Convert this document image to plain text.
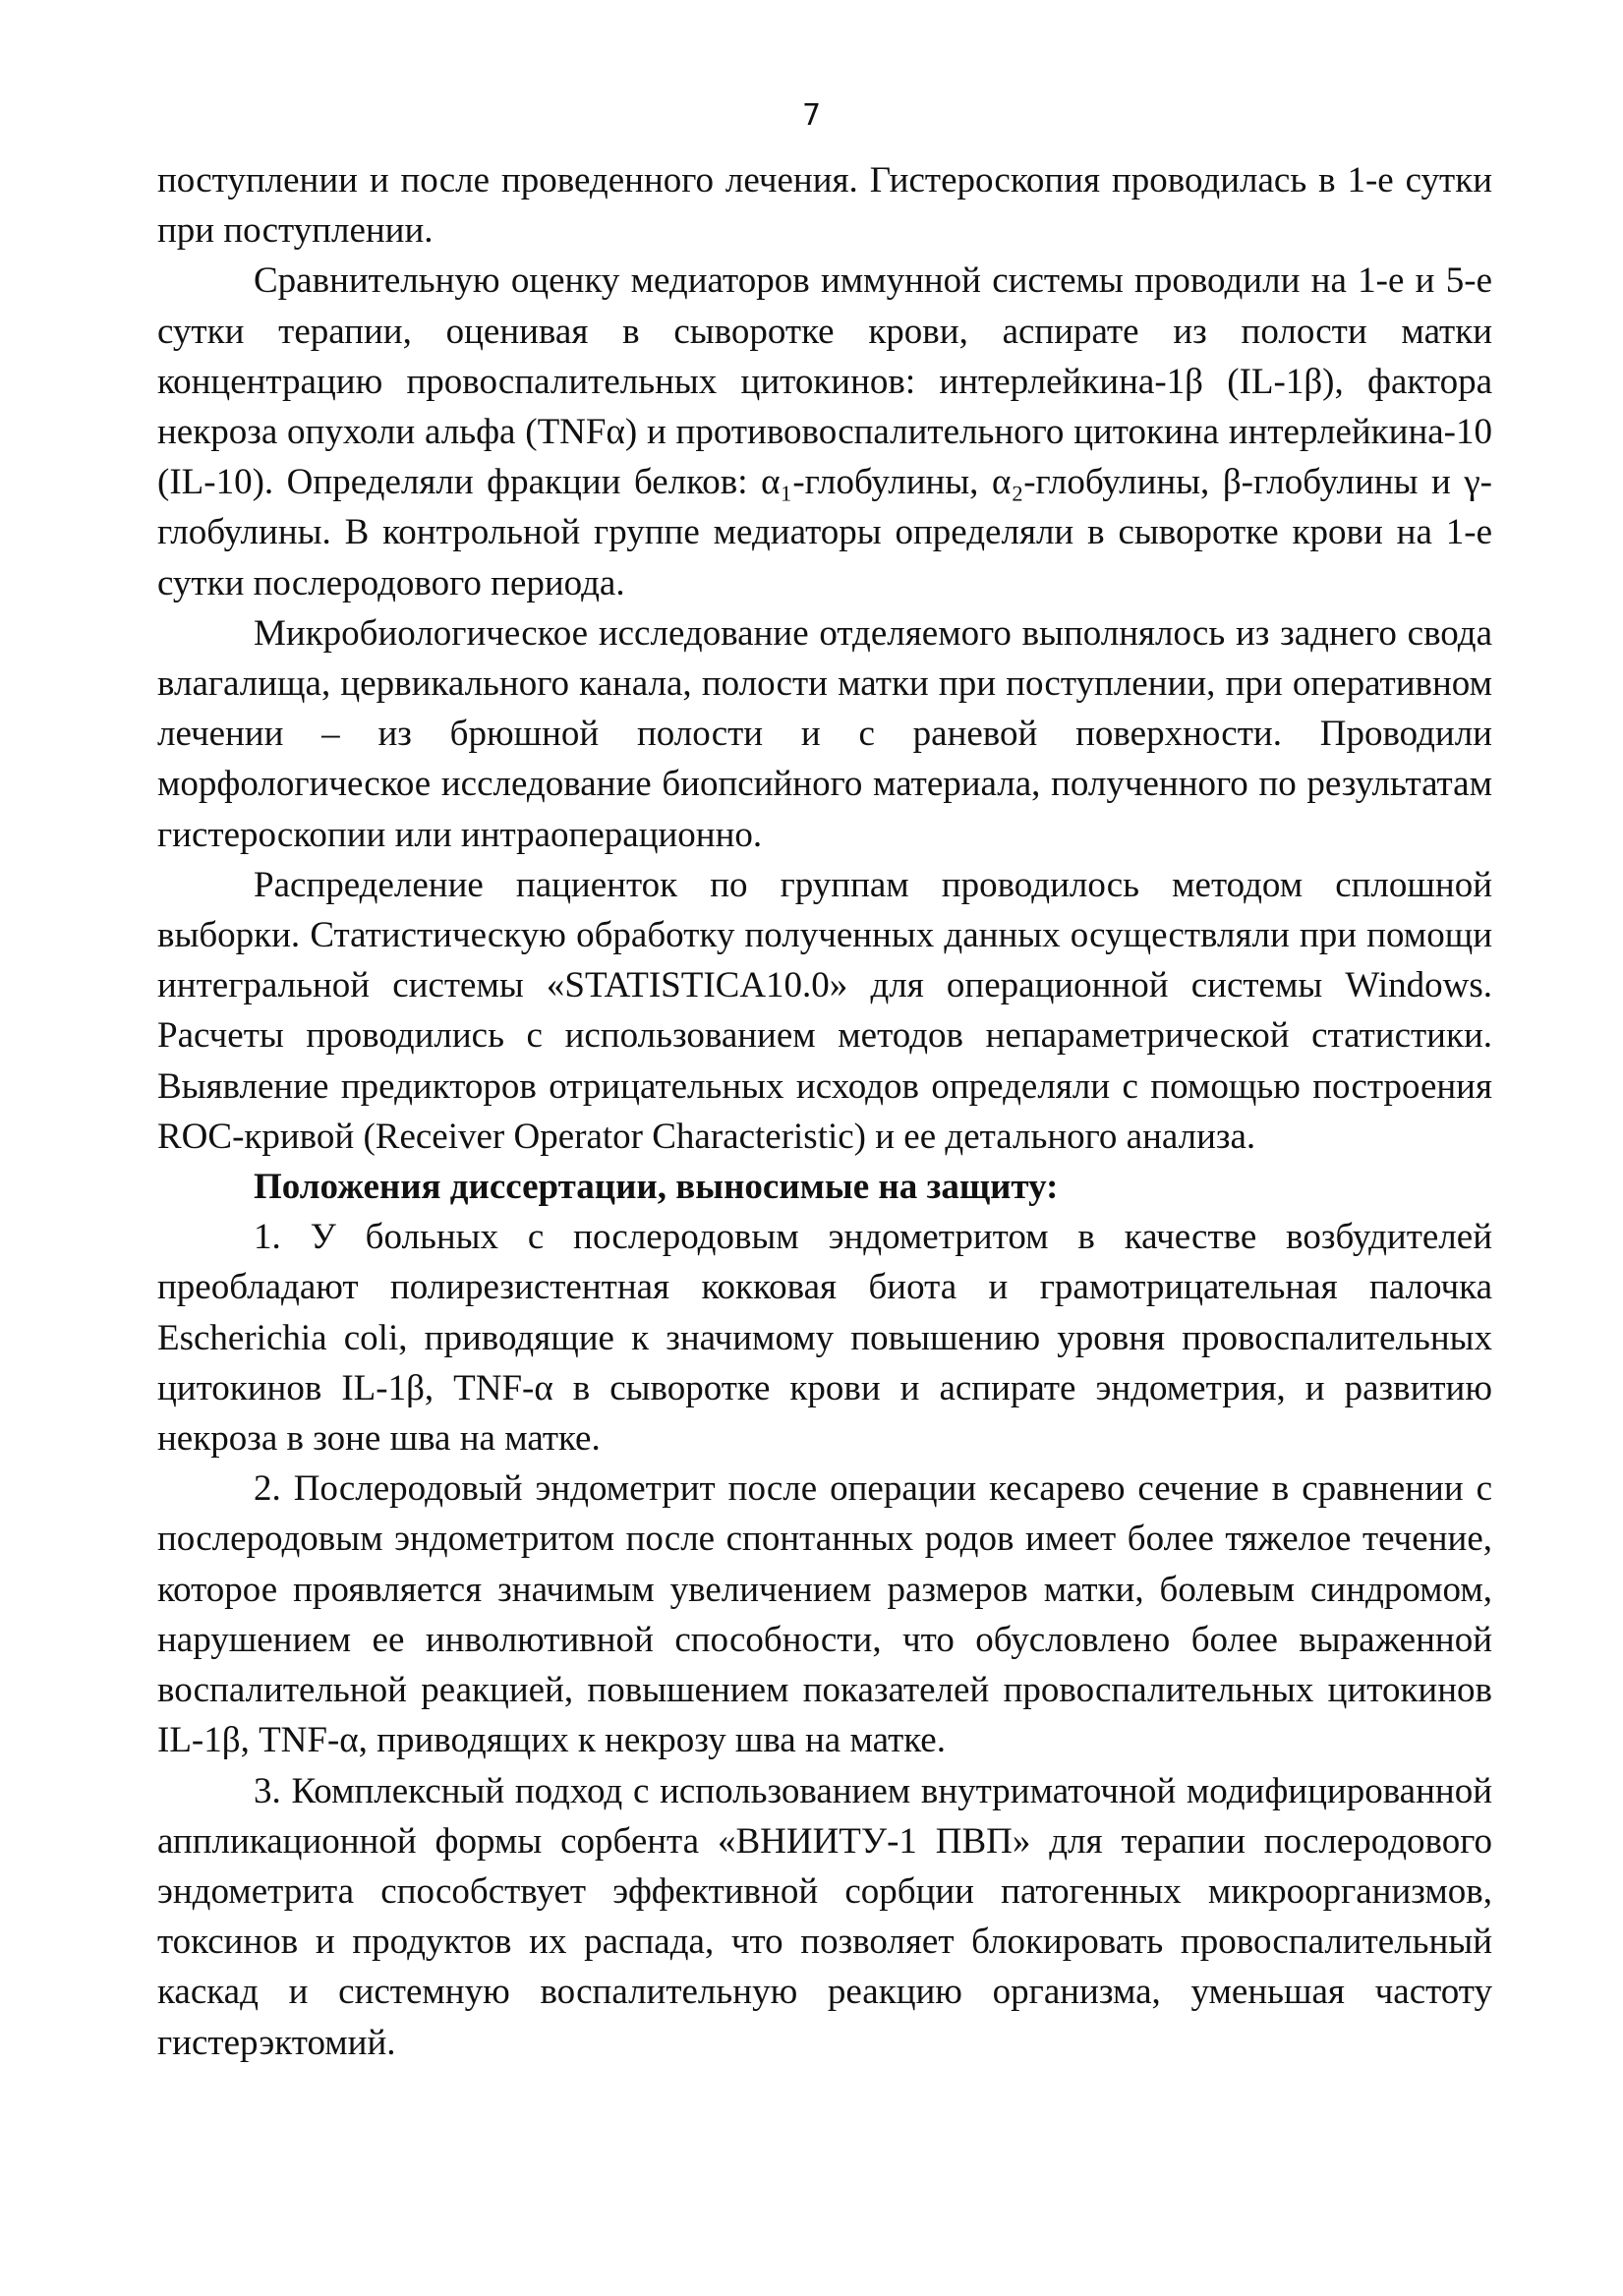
7

поступлении и после проведенного лечения. Гистероскопия проводилась в 1-е сутки при поступлении.

Сравнительную оценку медиаторов иммунной системы проводили на 1-е и 5-е сутки терапии, оценивая в сыворотке крови, аспирате из полости матки концентрацию провоспалительных цитокинов: интерлейкина-1β (IL-1β), фактора некроза опухоли альфа (TNFα) и противовоспалительного цитокина интерлейкина-10 (IL-10). Определяли фракции белков: α₁-глобулины, α₂-глобулины, β-глобулины и γ-глобулины. В контрольной группе медиаторы определяли в сыворотке крови на 1-е сутки послеродового периода.

Микробиологическое исследование отделяемого выполнялось из заднего свода влагалища, цервикального канала, полости матки при поступлении, при оперативном лечении – из брюшной полости и с раневой поверхности. Проводили морфологическое исследование биопсийного материала, полученного по результатам гистероскопии или интраоперационно.

Распределение пациенток по группам проводилось методом сплошной выборки. Статистическую обработку полученных данных осуществляли при помощи интегральной системы «STATISTICA10.0» для операционной системы Windows. Расчеты проводились с использованием методов непараметрической статистики. Выявление предикторов отрицательных исходов определяли с помощью построения ROC-кривой (Receiver Operator Characteristic) и ее детального анализа.

Положения диссертации, выносимые на защиту:

1. У больных с послеродовым эндометритом в качестве возбудителей преобладают полирезистентная кокковая биота и грамотрицательная палочка Escherichia coli, приводящие к значимому повышению уровня провоспалительных цитокинов IL-1β, TNF-α в сыворотке крови и аспирате эндометрия, и развитию некроза в зоне шва на матке.

2. Послеродовый эндометрит после операции кесарево сечение в сравнении с послеродовым эндометритом после спонтанных родов имеет более тяжелое течение, которое проявляется значимым увеличением размеров матки, болевым синдромом, нарушением ее инволютивной способности, что обусловлено более выраженной воспалительной реакцией, повышением показателей провоспалительных цитокинов IL-1β, TNF-α, приводящих к некрозу шва на матке.

3. Комплексный подход с использованием внутриматочной модифицированной аппликационной формы сорбента «ВНИИТУ-1 ПВП» для терапии послеродового эндометрита способствует эффективной сорбции патогенных микроорганизмов, токсинов и продуктов их распада, что позволяет блокировать провоспалительный каскад и системную воспалительную реакцию организма, уменьшая частоту гистерэктомий.
